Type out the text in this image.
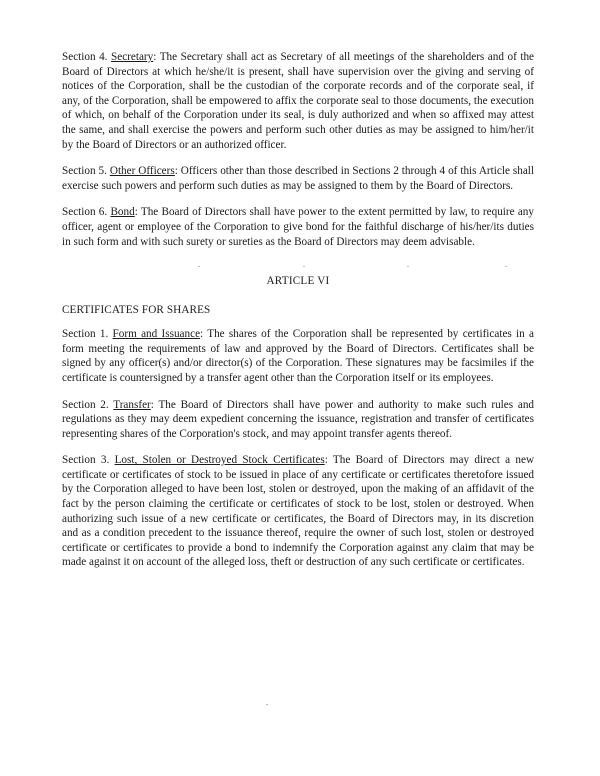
Section 4. Secretary: The Secretary shall act as Secretary of all meetings of the shareholders and of the Board of Directors at which he/she/it is present, shall have supervision over the giving and serving of notices of the Corporation, shall be the custodian of the corporate records and of the corporate seal, if any, of the Corporation, shall be empowered to affix the corporate seal to those documents, the execution of which, on behalf of the Corporation under its seal, is duly authorized and when so affixed may attest the same, and shall exercise the powers and perform such other duties as may be assigned to him/her/it by the Board of Directors or an authorized officer.

Section 5. Other Officers: Officers other than those described in Sections 2 through 4 of this Article shall exercise such powers and perform such duties as may be assigned to them by the Board of Directors.

Section 6. Bond: The Board of Directors shall have power to the extent permitted by law, to require any officer, agent or employee of the Corporation to give bond for the faithful discharge of his/her/its duties in such form and with such surety or sureties as the Board of Directors may deem advisable.

ARTICLE VI
CERTIFICATES FOR SHARES

Section 1. Form and Issuance: The shares of the Corporation shall be represented by certificates in a form meeting the requirements of law and approved by the Board of Directors. Certificates shall be signed by any officer(s) and/or director(s) of the Corporation. These signatures may be facsimiles if the certificate is countersigned by a transfer agent other than the Corporation itself or its employees.

Section 2. Transfer: The Board of Directors shall have power and authority to make such rules and regulations as they may deem expedient concerning the issuance, registration and transfer of certificates representing shares of the Corporation's stock, and may appoint transfer agents thereof.

Section 3. Lost, Stolen or Destroyed Stock Certificates: The Board of Directors may direct a new certificate or certificates of stock to be issued in place of any certificate or certificates theretofore issued by the Corporation alleged to have been lost, stolen or destroyed, upon the making of an affidavit of the fact by the person claiming the certificate or certificates of stock to be lost, stolen or destroyed. When authorizing such issue of a new certificate or certificates, the Board of Directors may, in its discretion and as a condition precedent to the issuance thereof, require the owner of such lost, stolen or destroyed certificate or certificates to provide a bond to indemnify the Corporation against any claim that may be made against it on account of the alleged loss, theft or destruction of any such certificate or certificates.
